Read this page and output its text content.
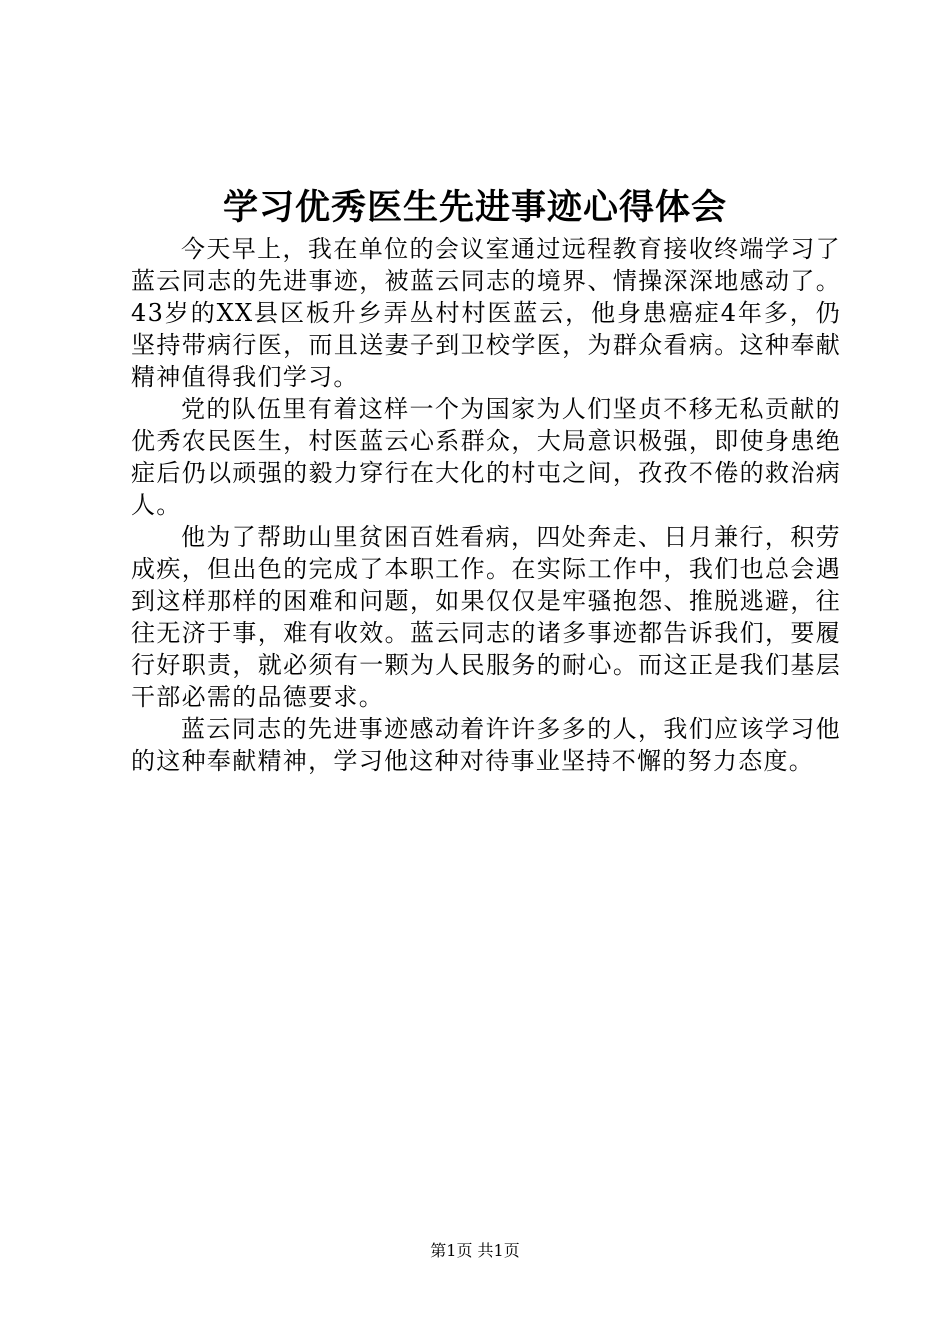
学习优秀医生先进事迹心得体会

今天早上，我在单位的会议室通过远程教育接收终端学习了蓝云同志的先进事迹，被蓝云同志的境界、情操深深地感动了。43岁的XX县区板升乡弄丛村村医蓝云，他身患癌症4年多，仍坚持带病行医，而且送妻子到卫校学医，为群众看病。这种奉献精神值得我们学习。

党的队伍里有着这样一个为国家为人们坚贞不移无私贡献的优秀农民医生，村医蓝云心系群众，大局意识极强，即使身患绝症后仍以顽强的毅力穿行在大化的村屯之间，孜孜不倦的救治病人。

他为了帮助山里贫困百姓看病，四处奔走、日月兼行，积劳成疾，但出色的完成了本职工作。在实际工作中，我们也总会遇到这样那样的困难和问题，如果仅仅是牢骚抱怨、推脱逃避，往往无济于事，难有收效。蓝云同志的诸多事迹都告诉我们，要履行好职责，就必须有一颗为人民服务的耐心。而这正是我们基层干部必需的品德要求。

蓝云同志的先进事迹感动着许许多多的人，我们应该学习他的这种奉献精神，学习他这种对待事业坚持不懈的努力态度。

第1页 共1页
